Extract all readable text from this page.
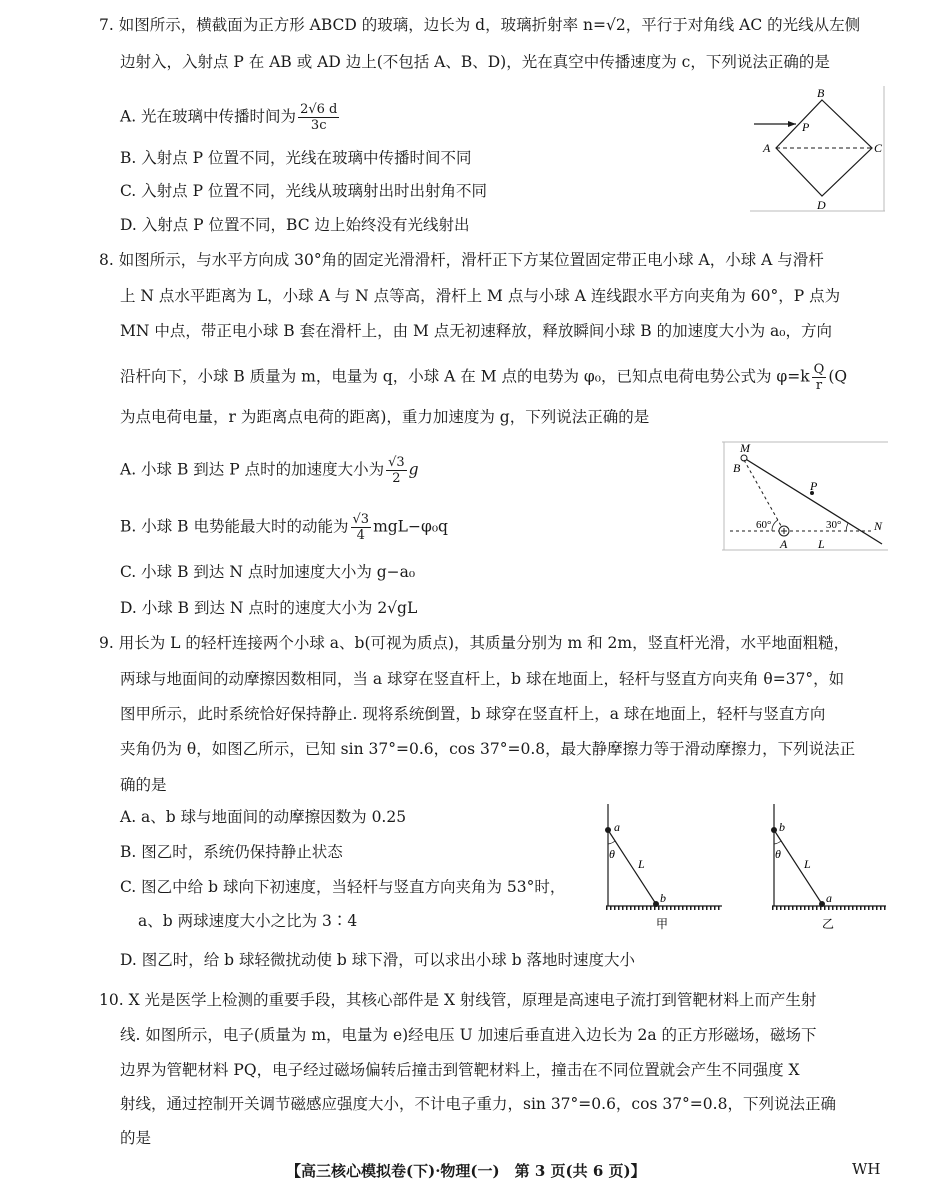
7. 如图所示，横截面为正方形 ABCD 的玻璃，边长为 d，玻璃折射率 n=√2，平行于对角线 AC 的光线从左侧
边射入，入射点 P 在 AB 或 AD 边上(不包括 A、B、D)，光在真空中传播速度为 c，下列说法正确的是
A. 光在玻璃中传播时间为 $\frac{2√6 d}{3c}$
B. 入射点 P 位置不同，光线在玻璃中传播时间不同
C. 入射点 P 位置不同，光线从玻璃射出时出射角不同
D. 入射点 P 位置不同，BC 边上始终没有光线射出
B
P
A	C
D
8. 如图所示，与水平方向成 30°角的固定光滑滑杆，滑杆正下方某位置固定带正电小球 A，小球 A 与滑杆
上 N 点水平距离为 L，小球 A 与 N 点等高，滑杆上 M 点与小球 A 连线跟水平方向夹角为 60°，P 点为
MN 中点，带正电小球 B 套在滑杆上，由 M 点无初速释放，释放瞬间小球 B 的加速度大小为 a₀，方向
沿杆向下，小球 B 质量为 m，电量为 q，小球 A 在 M 点的电势为 φ₀，已知点电荷电势公式为 $\varphi=k \frac{Q}{r} (Q$
为点电荷电量，r 为距离点电荷的距离)，重力加速度为 g，下列说法正确的是
A. 小球 B 到达 P 点时的加速度大小为 $\frac{√3}{2}$ g
B. 小球 B 电势能最大时的动能为 $\frac{√3}{4} mgL-\varphi_0q$
C. 小球 B 到达 N 点时加速度大小为 g−a₀
D. 小球 B 到达 N 点时的速度大小为 2√gL
M
B
P
N
60°	30°
A	L
9. 用长为 L 的轻杆连接两个小球 a、b(可视为质点)，其质量分别为 m 和 2m，竖直杆光滑，水平地面粗糙，
两球与地面间的动摩擦因数相同，当 a 球穿在竖直杆上，b 球在地面上，轻杆与竖直方向夹角 θ=37°，如
图甲所示，此时系统恰好保持静止. 现将系统倒置，b 球穿在竖直杆上，a 球在地面上，轻杆与竖直方向
夹角仍为 θ，如图乙所示，已知 sin 37°=0.6，cos 37°=0.8，最大静摩擦力等于滑动摩擦力，下列说法正
确的是
A. a、b 球与地面间的动摩擦因数为 0.25
B. 图乙时，系统仍保持静止状态
C. 图乙中给 b 球向下初速度，当轻杆与竖直方向夹角为 53°时，
a、b 两球速度大小之比为 3∶4
D. 图乙时，给 b 球轻微扰动使 b 球下滑，可以求出小球 b 落地时速度大小
a
θ
L
b
甲
b
θ
L
a
乙
10. X 光是医学上检测的重要手段，其核心部件是 X 射线管，原理是高速电子流打到管靶材料上而产生射
线. 如图所示，电子(质量为 m，电量为 e)经电压 U 加速后垂直进入边长为 2a 的正方形磁场，磁场下
边界为管靶材料 PQ，电子经过磁场偏转后撞击到管靶材料上，撞击在不同位置就会产生不同强度 X
射线，通过控制开关调节磁感应强度大小，不计电子重力，sin 37°=0.6，cos 37°=0.8，下列说法正确
的是
【高三核心模拟卷(下)·物理(一)　第 3 页(共 6 页)】	WH
